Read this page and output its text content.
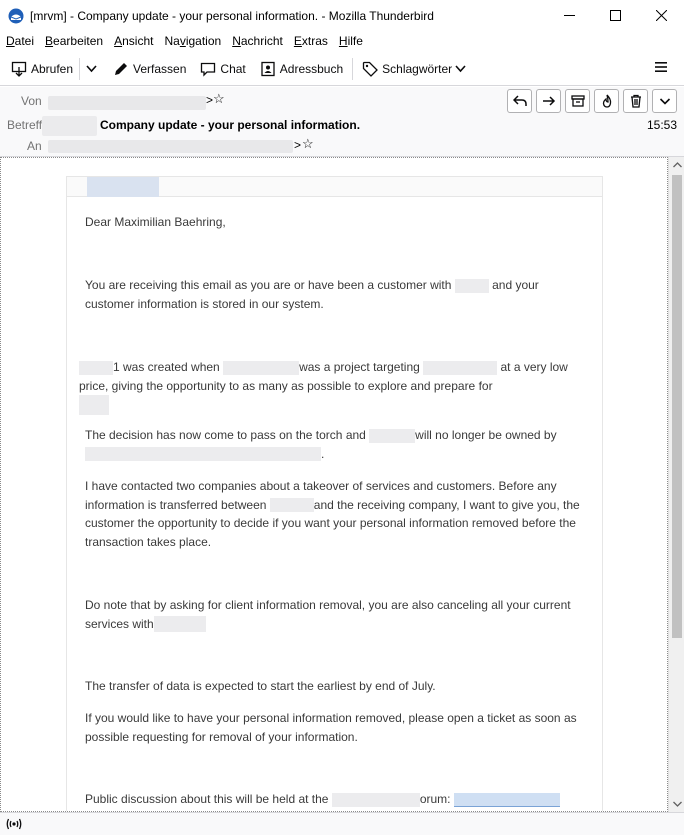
[mrvm] - Company update - your personal information. - Mozilla Thunderbird
Datei Bearbeiten Ansicht Navigation Nachricht Extras Hilfe
Abrufen	Verfassen	Chat	Adressbuch	Schlagwörter
Von	> ☆
Betreff	Company update - your personal information.	15:53
An	> ☆
Dear Maximilian Baehring,
You are receiving this email as you are or have been a customer with	and your customer information is stored in our system.
1 was created when	was a project targeting	at a very low price, giving the opportunity to as many as possible to explore and prepare for

The decision has now come to pass on the torch and	will no longer be owned by.
I have contacted two companies about a takeover of services and customers. Before any information is transferred between	and the receiving company, I want to give you, the customer the opportunity to decide if you want your personal information removed before the transaction takes place.
Do note that by asking for client information removal, you are also canceling all your current services with
The transfer of data is expected to start the earliest by end of July.
If you would like to have your personal information removed, please open a ticket as soon as possible requesting for removal of your information.
Public discussion about this will be held at the	orum:
